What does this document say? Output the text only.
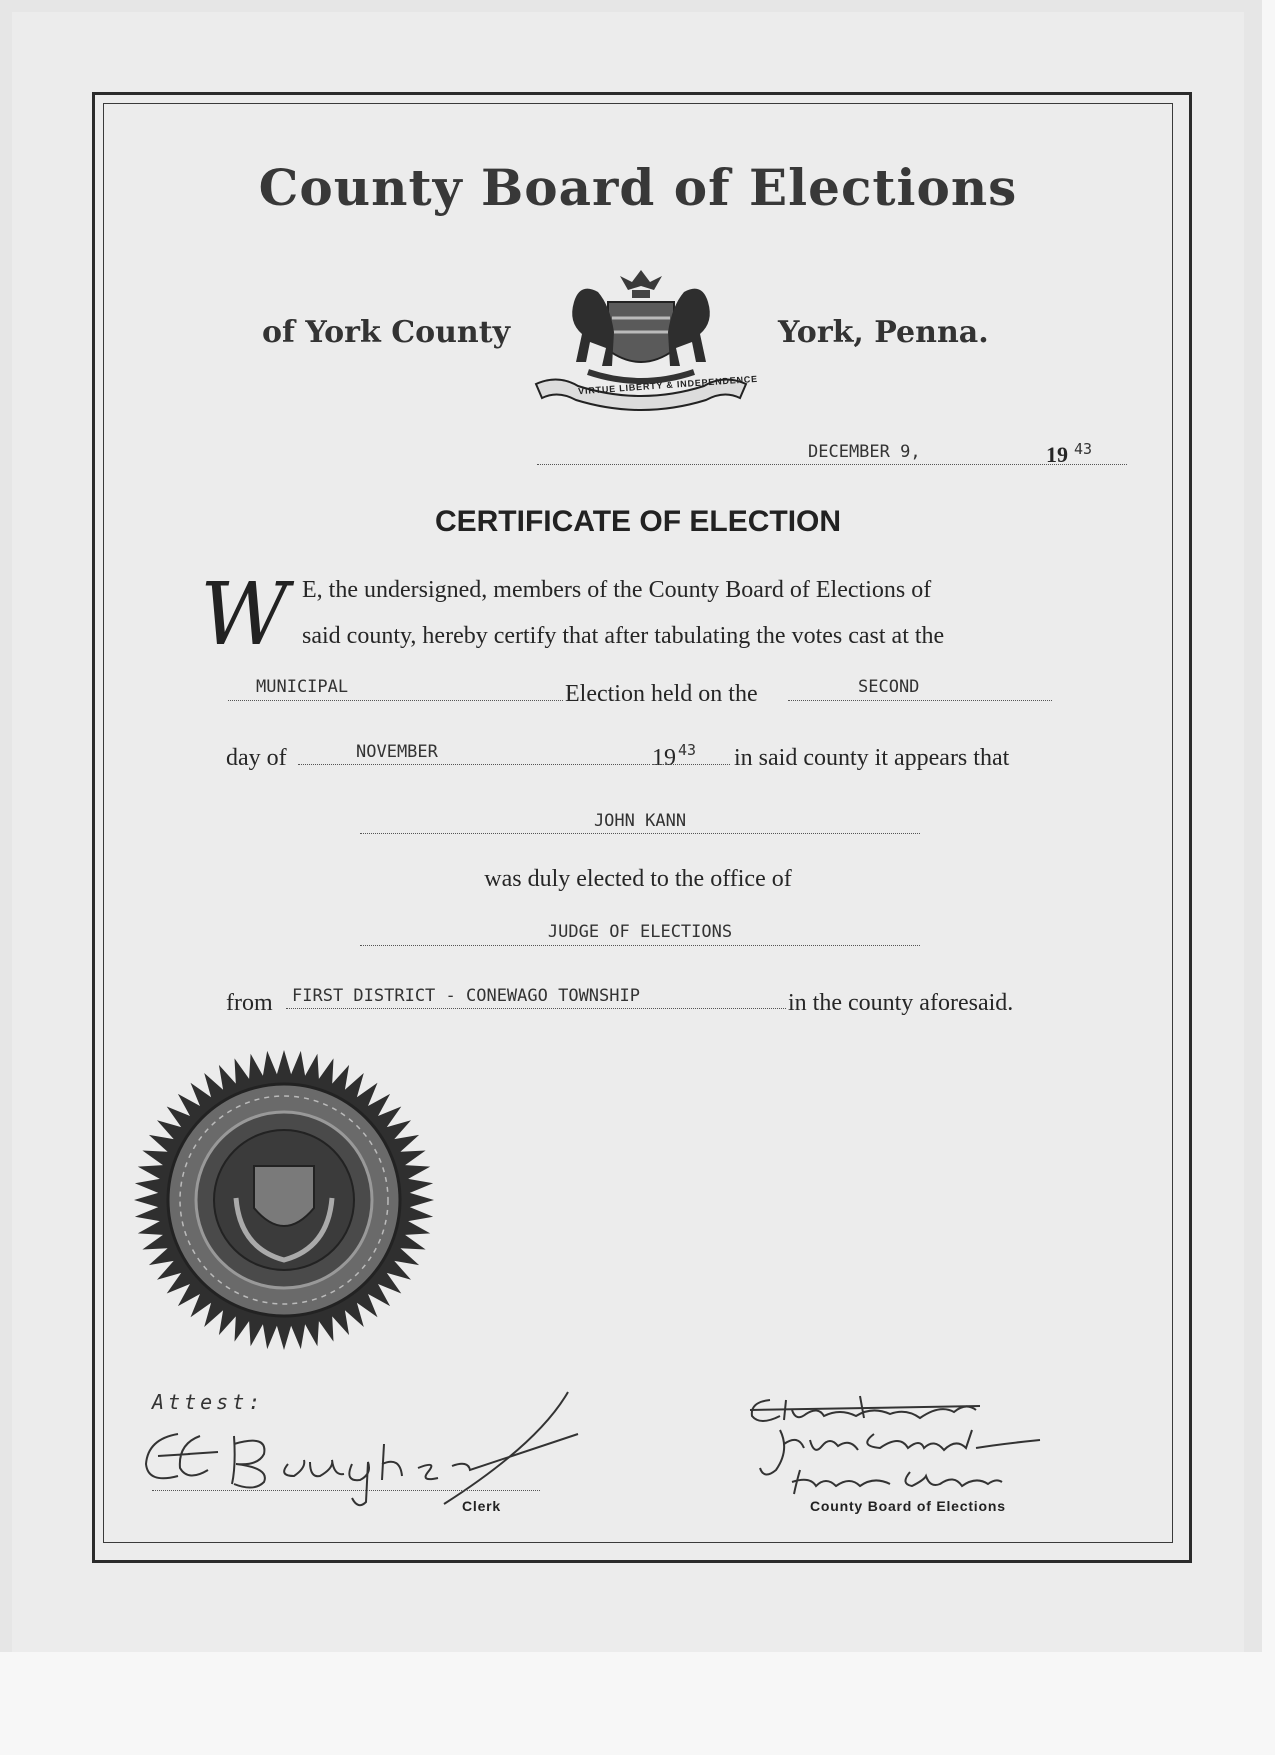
County Board of Elections
of York County	York, Penna.
VIRTUE LIBERTY & INDEPENDENCE
DECEMBER 9,	19 43
CERTIFICATE OF ELECTION
W E, the undersigned, members of the County Board of Elections of
said county, hereby certify that after tabulating the votes cast at the
MUNICIPAL	Election held on the	SECOND
day of	NOVEMBER	19 43 in said county it appears that
JOHN KANN
was duly elected to the office of
JUDGE OF ELECTIONS
from FIRST DISTRICT - CONEWAGO TOWNSHIP	in the county aforesaid.
Attest:
Clerk	County Board of Elections
